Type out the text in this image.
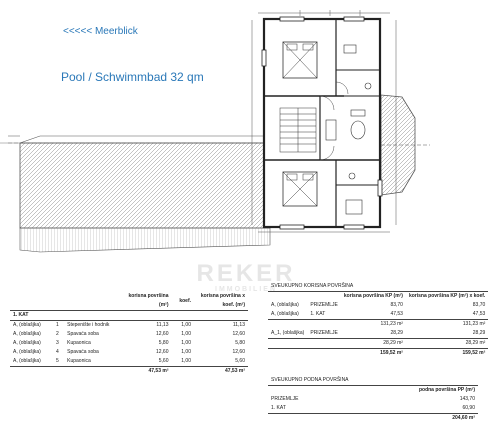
<<<<< Meerblick
Pool / Schwimmbad 32 qm
REKER
IMMOBILIEN
			korisna površina (m²)	koef.	korisna površina x koef. (m²)
1. KAT					
A, (oblašjka)	1	Stepenište i hodnik	11,13	1,00	11,13
A, (oblašjka)	2	Spavaća soba	12,60	1,00	12,60
A, (oblašjka)	3	Kupaonica	5,80	1,00	5,80
A, (oblašjka)	4	Spavaća soba	12,60	1,00	12,60
A, (oblašjka)	5	Kupaonica	5,60	1,00	5,60
			47,53 m²		47,53 m²
SVEUKUPNO KORISNA POVRŠINA			
		korisna površina KP (m²)	korisna površina KP (m²) x koef.
A, (oblašjka)	PRIZEMLJE	83,70	83,70
A, (oblašjka)	1. KAT	47,53	47,53
		131,23 m²	131,23 m²
A_1, (oblašjka)	PRIZEMLJE	28,29	28,29
		28,29 m²	28,29 m²
		159,52 m²	159,52 m²
SVEUKUPNO PODNA POVRŠINA	
	podna površina PP (m²)
PRIZEMLJE	143,70
1. KAT	60,90
	204,60 m²
